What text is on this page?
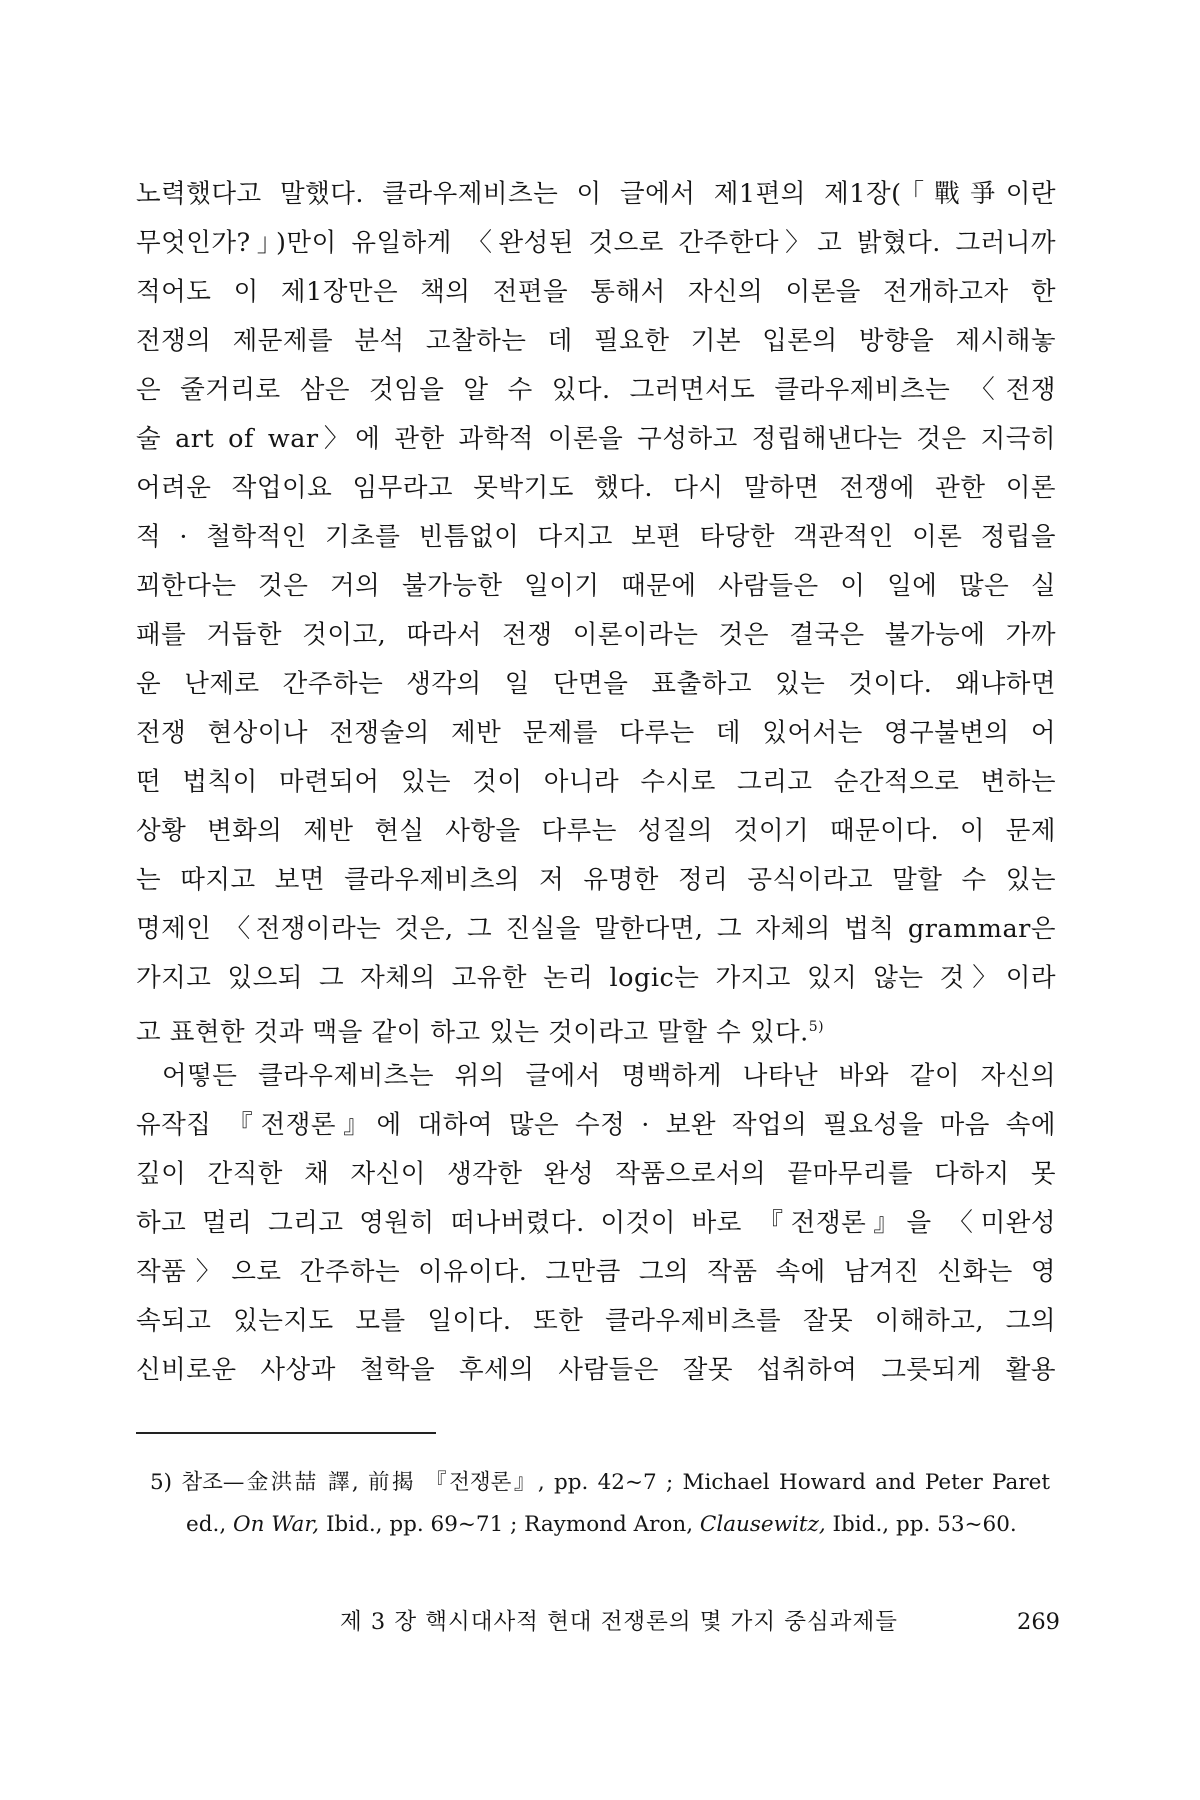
노력했다고 말했다. 클라우제비츠는 이 글에서 제1편의 제1장(「戰爭이란
무엇인가?」)만이 유일하게 〈완성된 것으로 간주한다〉고 밝혔다. 그러니까
적어도 이 제1장만은 책의 전편을 통해서 자신의 이론을 전개하고자 한
전쟁의 제문제를 분석 고찰하는 데 필요한 기본 입론의 방향을 제시해놓
은 줄거리로 삼은 것임을 알 수 있다. 그러면서도 클라우제비츠는 〈전쟁
술 art of war〉에 관한 과학적 이론을 구성하고 정립해낸다는 것은 지극히
어려운 작업이요 임무라고 못박기도 했다. 다시 말하면 전쟁에 관한 이론
적 · 철학적인 기초를 빈틈없이 다지고 보편 타당한 객관적인 이론 정립을
꾀한다는 것은 거의 불가능한 일이기 때문에 사람들은 이 일에 많은 실
패를 거듭한 것이고, 따라서 전쟁 이론이라는 것은 결국은 불가능에 가까
운 난제로 간주하는 생각의 일 단면을 표출하고 있는 것이다. 왜냐하면
전쟁 현상이나 전쟁술의 제반 문제를 다루는 데 있어서는 영구불변의 어
떤 법칙이 마련되어 있는 것이 아니라 수시로 그리고 순간적으로 변하는
상황 변화의 제반 현실 사항을 다루는 성질의 것이기 때문이다. 이 문제
는 따지고 보면 클라우제비츠의 저 유명한 정리 공식이라고 말할 수 있는
명제인 〈전쟁이라는 것은, 그 진실을 말한다면, 그 자체의 법칙 grammar은
가지고 있으되 그 자체의 고유한 논리 logic는 가지고 있지 않는 것〉이라
고 표현한 것과 맥을 같이 하고 있는 것이라고 말할 수 있다.$^{5)}$
어떻든 클라우제비츠는 위의 글에서 명백하게 나타난 바와 같이 자신의
유작집 『전쟁론』에 대하여 많은 수정 · 보완 작업의 필요성을 마음 속에
깊이 간직한 채 자신이 생각한 완성 작품으로서의 끝마무리를 다하지 못
하고 멀리 그리고 영원히 떠나버렸다. 이것이 바로 『전쟁론』을 〈미완성
작품〉으로 간주하는 이유이다. 그만큼 그의 작품 속에 남겨진 신화는 영
속되고 있는지도 모를 일이다. 또한 클라우제비츠를 잘못 이해하고, 그의
신비로운 사상과 철학을 후세의 사람들은 잘못 섭취하여 그릇되게 활용
5) 참조—金洪喆 譯, 前揭 『전쟁론』, pp. 42~7 ; Michael Howard and Peter Paret
ed., On War, Ibid., pp. 69~71 ; Raymond Aron, Clausewitz, Ibid., pp. 53~60.
제 3 장 핵시대사적 현대 전쟁론의 몇 가지 중심과제들	269
